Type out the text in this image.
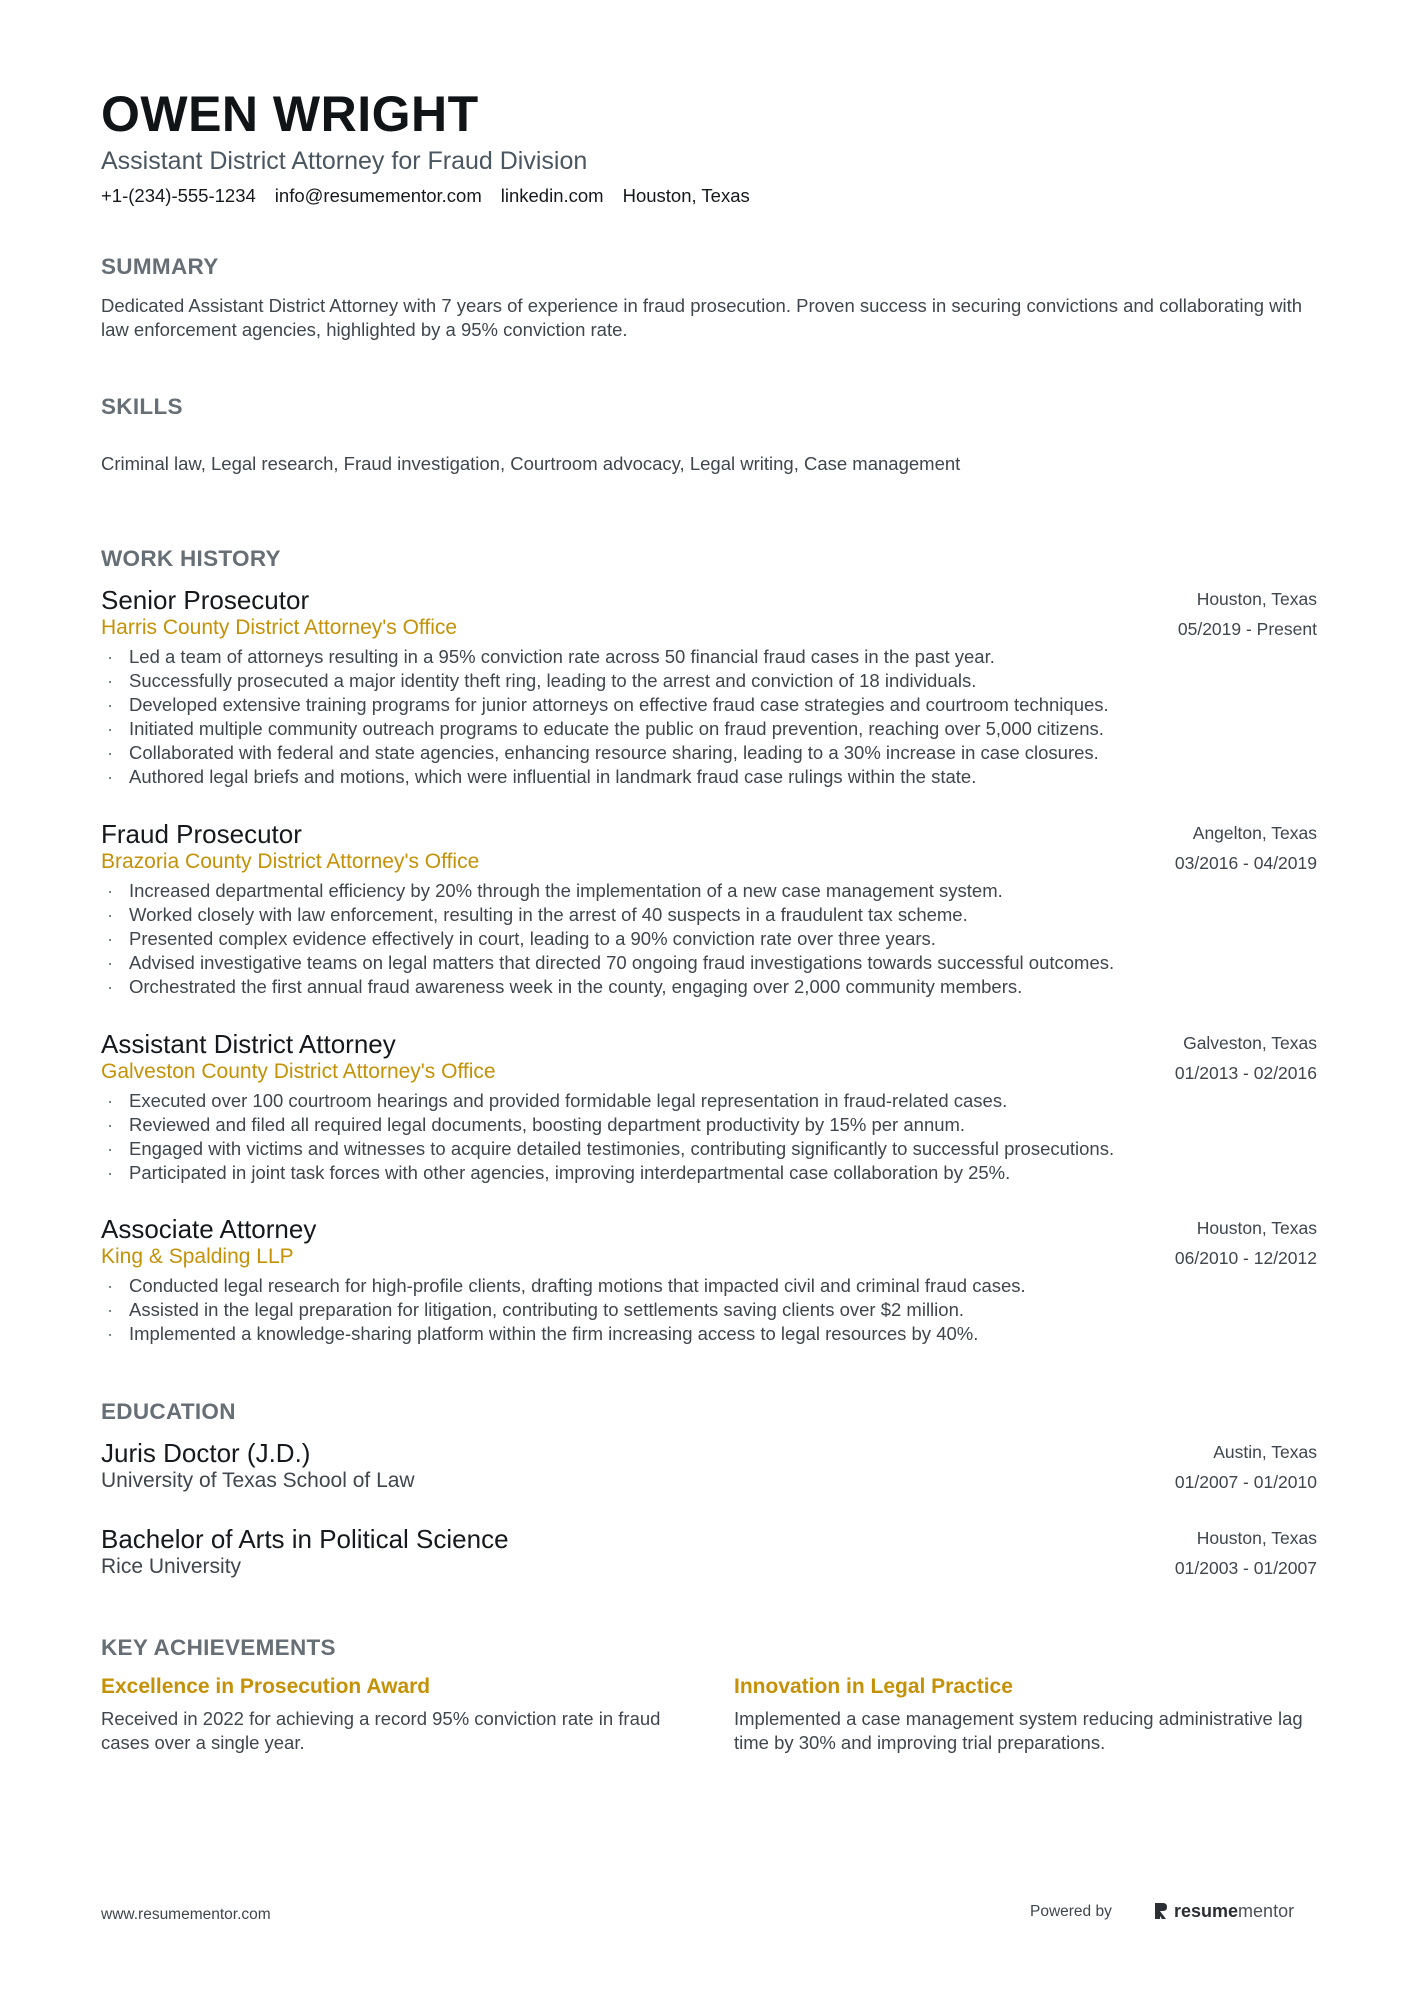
OWEN WRIGHT
Assistant District Attorney for Fraud Division
+1-(234)-555-1234 info@resumementor.com linkedin.com Houston, Texas
SUMMARY

Dedicated Assistant District Attorney with 7 years of experience in fraud prosecution. Proven success in securing convictions and collaborating with law enforcement agencies, highlighted by a 95% conviction rate.

SKILLS

Criminal law, Legal research, Fraud investigation, Courtroom advocacy, Legal writing, Case management

WORK HISTORY
Senior Prosecutor
Harris County District Attorney's Office
Houston, Texas
05/2019 - Present
· Led a team of attorneys resulting in a 95% conviction rate across 50 financial fraud cases in the past year.
· Successfully prosecuted a major identity theft ring, leading to the arrest and conviction of 18 individuals.
· Developed extensive training programs for junior attorneys on effective fraud case strategies and courtroom techniques.
· Initiated multiple community outreach programs to educate the public on fraud prevention, reaching over 5,000 citizens.
· Collaborated with federal and state agencies, enhancing resource sharing, leading to a 30% increase in case closures.
· Authored legal briefs and motions, which were influential in landmark fraud case rulings within the state.
Fraud Prosecutor
Brazoria County District Attorney's Office
Angelton, Texas
03/2016 - 04/2019
· Increased departmental efficiency by 20% through the implementation of a new case management system.
· Worked closely with law enforcement, resulting in the arrest of 40 suspects in a fraudulent tax scheme.
· Presented complex evidence effectively in court, leading to a 90% conviction rate over three years.
· Advised investigative teams on legal matters that directed 70 ongoing fraud investigations towards successful outcomes.
· Orchestrated the first annual fraud awareness week in the county, engaging over 2,000 community members.
Assistant District Attorney
Galveston County District Attorney's Office
Galveston, Texas
01/2013 - 02/2016
· Executed over 100 courtroom hearings and provided formidable legal representation in fraud-related cases.
· Reviewed and filed all required legal documents, boosting department productivity by 15% per annum.
· Engaged with victims and witnesses to acquire detailed testimonies, contributing significantly to successful prosecutions.
· Participated in joint task forces with other agencies, improving interdepartmental case collaboration by 25%.
Associate Attorney
King & Spalding LLP
Houston, Texas
06/2010 - 12/2012
· Conducted legal research for high-profile clients, drafting motions that impacted civil and criminal fraud cases.
· Assisted in the legal preparation for litigation, contributing to settlements saving clients over $2 million.
· Implemented a knowledge-sharing platform within the firm increasing access to legal resources by 40%.
EDUCATION
Juris Doctor (J.D.)
University of Texas School of Law
Austin, Texas
01/2007 - 01/2010
Bachelor of Arts in Political Science
Rice University
Houston, Texas
01/2003 - 01/2007
KEY ACHIEVEMENTS
Excellence in Prosecution Award

Received in 2022 for achieving a record 95% conviction rate in fraud cases over a single year.

Innovation in Legal Practice

Implemented a case management system reducing administrative lag time by 30% and improving trial preparations.

www.resumementor.com	Powered by	resumementor
